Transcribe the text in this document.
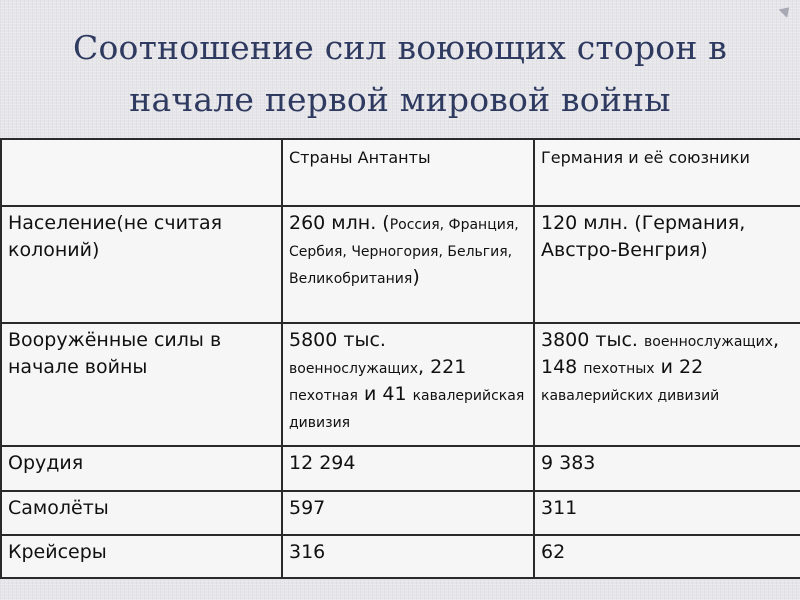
Соотношение сил воюющих сторон в
начале первой мировой войны
	Страны Антанты	Германия и её союзники
Население(не считая колоний)	260 млн. (Россия, Франция, Сербия, Черногория, Бельгия, Великобритания)	120 млн. (Германия, Австро-Венгрия)
Вооружённые силы в начале войны	5800 тыс. военнослужащих, 221 пехотная и 41 кавалерийская дивизия	3800 тыс. военнослужащих, 148 пехотных и 22 кавалерийских дивизий
Орудия	12 294	9 383
Самолёты	597	311
Крейсеры	316	62
